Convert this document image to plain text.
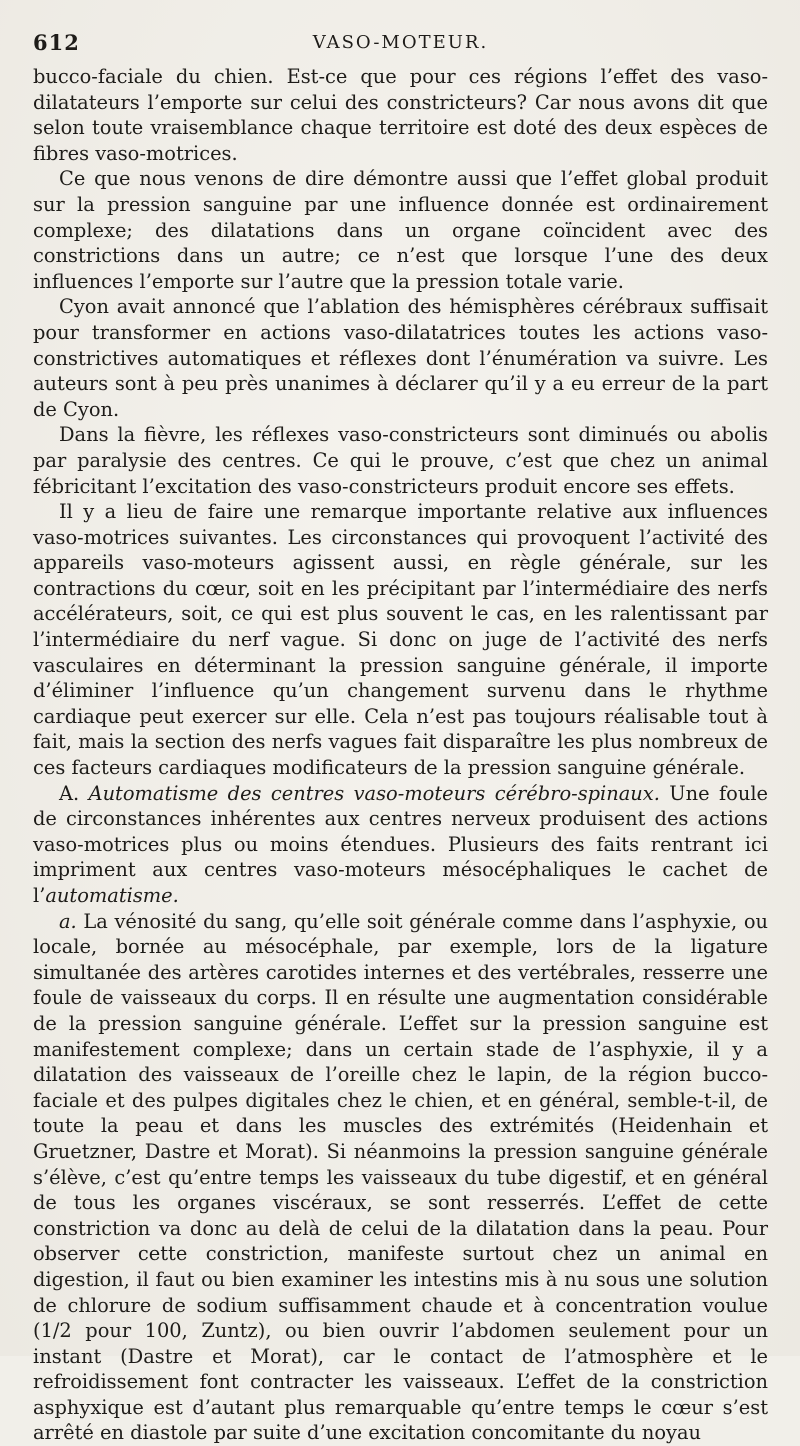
612	VASO-MOTEUR.

bucco-faciale du chien. Est-ce que pour ces régions l’effet des vaso-dilatateurs l’emporte sur celui des constricteurs? Car nous avons dit que selon toute vraisemblance chaque territoire est doté des deux espèces de fibres vaso-motrices.

Ce que nous venons de dire démontre aussi que l’effet global produit sur la pression sanguine par une influence donnée est ordinairement complexe; des dilatations dans un organe coïncident avec des constrictions dans un autre; ce n’est que lorsque l’une des deux influences l’emporte sur l’autre que la pression totale varie.

Cyon avait annoncé que l’ablation des hémisphères cérébraux suffisait pour transformer en actions vaso-dilatatrices toutes les actions vaso-constrictives automatiques et réflexes dont l’énumération va suivre. Les auteurs sont à peu près unanimes à déclarer qu’il y a eu erreur de la part de Cyon.

Dans la fièvre, les réflexes vaso-constricteurs sont diminués ou abolis par paralysie des centres. Ce qui le prouve, c’est que chez un animal fébricitant l’excitation des vaso-constricteurs produit encore ses effets.

Il y a lieu de faire une remarque importante relative aux influences vaso-motrices suivantes. Les circonstances qui provoquent l’activité des appareils vaso-moteurs agissent aussi, en règle générale, sur les contractions du cœur, soit en les précipitant par l’intermédiaire des nerfs accélérateurs, soit, ce qui est plus souvent le cas, en les ralentissant par l’intermédiaire du nerf vague. Si donc on juge de l’activité des nerfs vasculaires en déterminant la pression sanguine générale, il importe d’éliminer l’influence qu’un changement survenu dans le rhythme cardiaque peut exercer sur elle. Cela n’est pas toujours réalisable tout à fait, mais la section des nerfs vagues fait disparaître les plus nombreux de ces facteurs cardiaques modificateurs de la pression sanguine générale.

A. Automatisme des centres vaso-moteurs cérébro-spinaux. Une foule de circonstances inhérentes aux centres nerveux produisent des actions vaso-motrices plus ou moins étendues. Plusieurs des faits rentrant ici impriment aux centres vaso-moteurs mésocéphaliques le cachet de l’automatisme.

a. La vénosité du sang, qu’elle soit générale comme dans l’asphyxie, ou locale, bornée au mésocéphale, par exemple, lors de la ligature simultanée des artères carotides internes et des vertébrales, resserre une foule de vaisseaux du corps. Il en résulte une augmentation considérable de la pression sanguine générale. L’effet sur la pression sanguine est manifestement complexe; dans un certain stade de l’asphyxie, il y a dilatation des vaisseaux de l’oreille chez le lapin, de la région bucco-faciale et des pulpes digitales chez le chien, et en général, semble-t-il, de toute la peau et dans les muscles des extrémités (Heidenhain et Gruetzner, Dastre et Morat). Si néanmoins la pression sanguine générale s’élève, c’est qu’entre temps les vaisseaux du tube digestif, et en général de tous les organes viscéraux, se sont resserrés. L’effet de cette constriction va donc au delà de celui de la dilatation dans la peau. Pour observer cette constriction, manifeste surtout chez un animal en digestion, il faut ou bien examiner les intestins mis à nu sous une solution de chlorure de sodium suffisamment chaude et à concentration voulue (1/2 pour 100, Zuntz), ou bien ouvrir l’abdomen seulement pour un instant (Dastre et Morat), car le contact de l’atmosphère et le refroidissement font contracter les vaisseaux. L’effet de la constriction asphyxique est d’autant plus remarquable qu’entre temps le cœur s’est arrêté en diastole par suite d’une excitation concomitante du noyau
